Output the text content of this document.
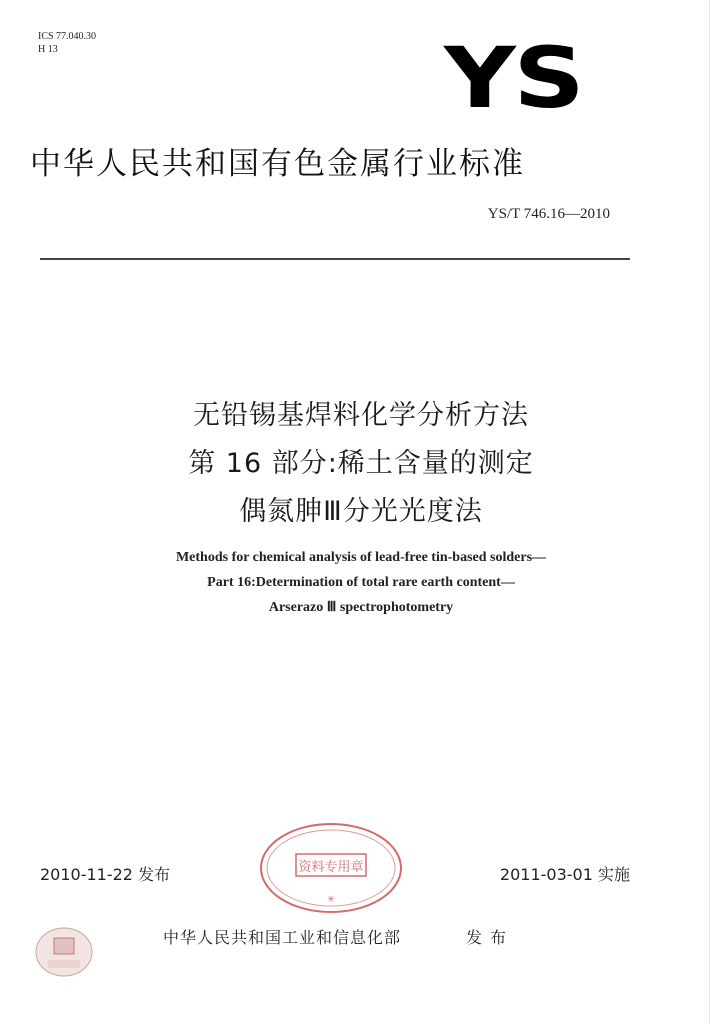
ICS 77.040.30
H 13	YS
中华人民共和国有色金属行业标准
YS/T 746.16—2010
无铅锡基焊料化学分析方法
第 16 部分:稀土含量的测定
偶氮胂Ⅲ分光光度法
Methods for chemical analysis of lead-free tin-based solders—
Part 16:Determination of total rare earth content—
Arserazo Ⅲ spectrophotometry
资料专用章
✳
2010-11-22 发布	2011-03-01 实施
中华人民共和国工业和信息化部	发布
